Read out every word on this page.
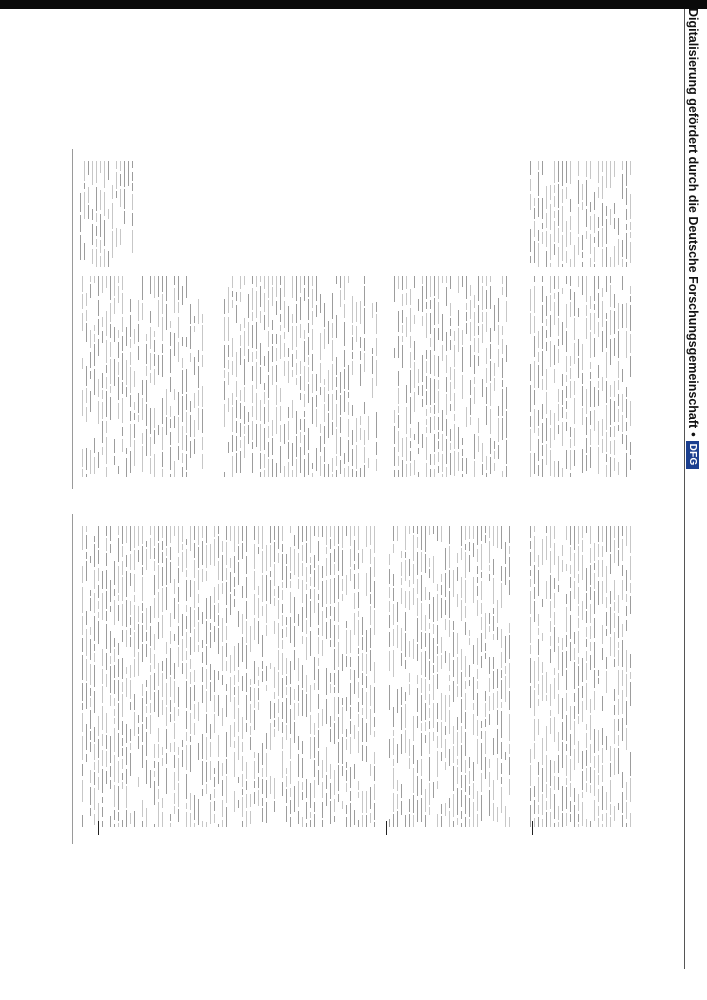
Digitalisierung gefördert durch die Deutsche Forschungsgemeinschaft
•
DFG
